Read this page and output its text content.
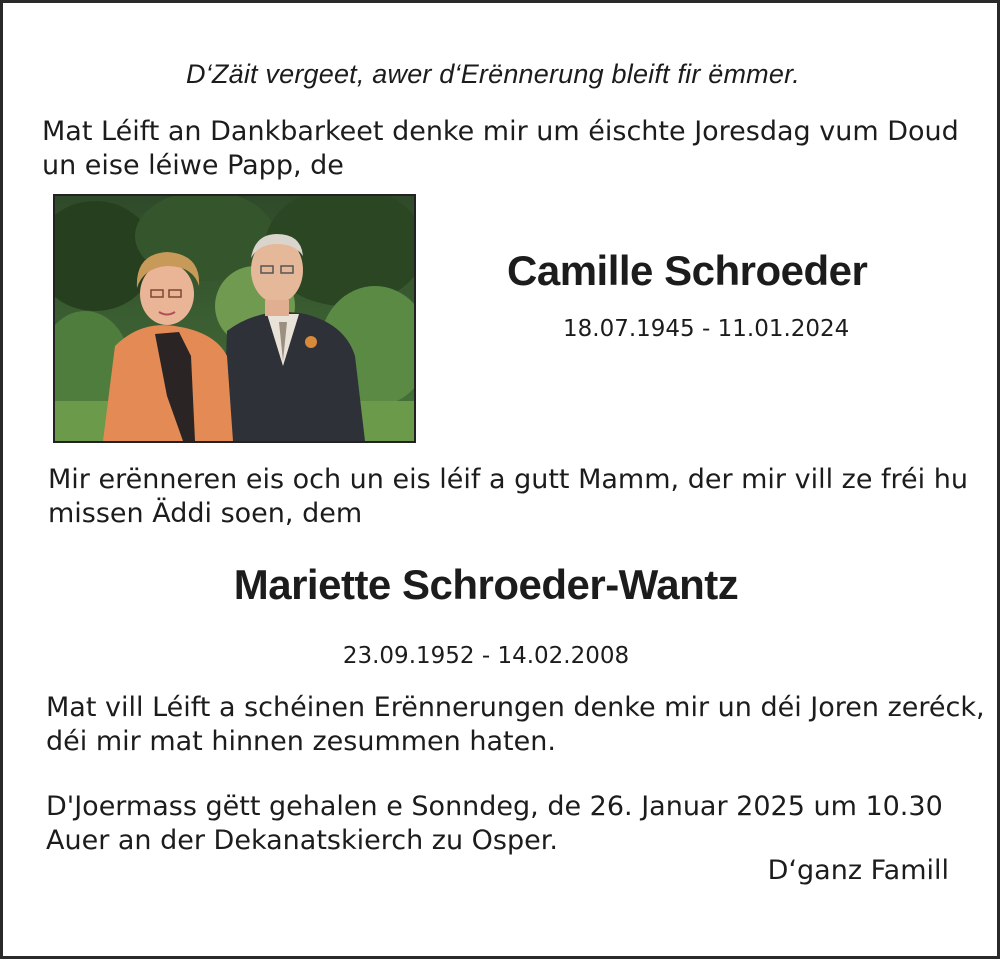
D‘Zäit vergeet, awer d‘Erënnerung bleift fir ëmmer.

Mat Léift an Dankbarkeet denke mir um éischte Joresdag vum Doud un eise léiwe Papp, de

Camille Schroeder

18.07.1945 - 11.01.2024

Mir erënneren eis och un eis léif a gutt Mamm, der mir vill ze fréi hu missen Äddi soen, dem

Mariette Schroeder-Wantz

23.09.1952 - 14.02.2008

Mat vill Léift a schéinen Erënnerungen denke mir un déi Joren zeréck, déi mir mat hinnen zesummen haten.

D'Joermass gëtt gehalen e Sonndeg, de 26. Januar 2025 um 10.30 Auer an der Dekanatskierch zu Osper.

D‘ganz Famill
